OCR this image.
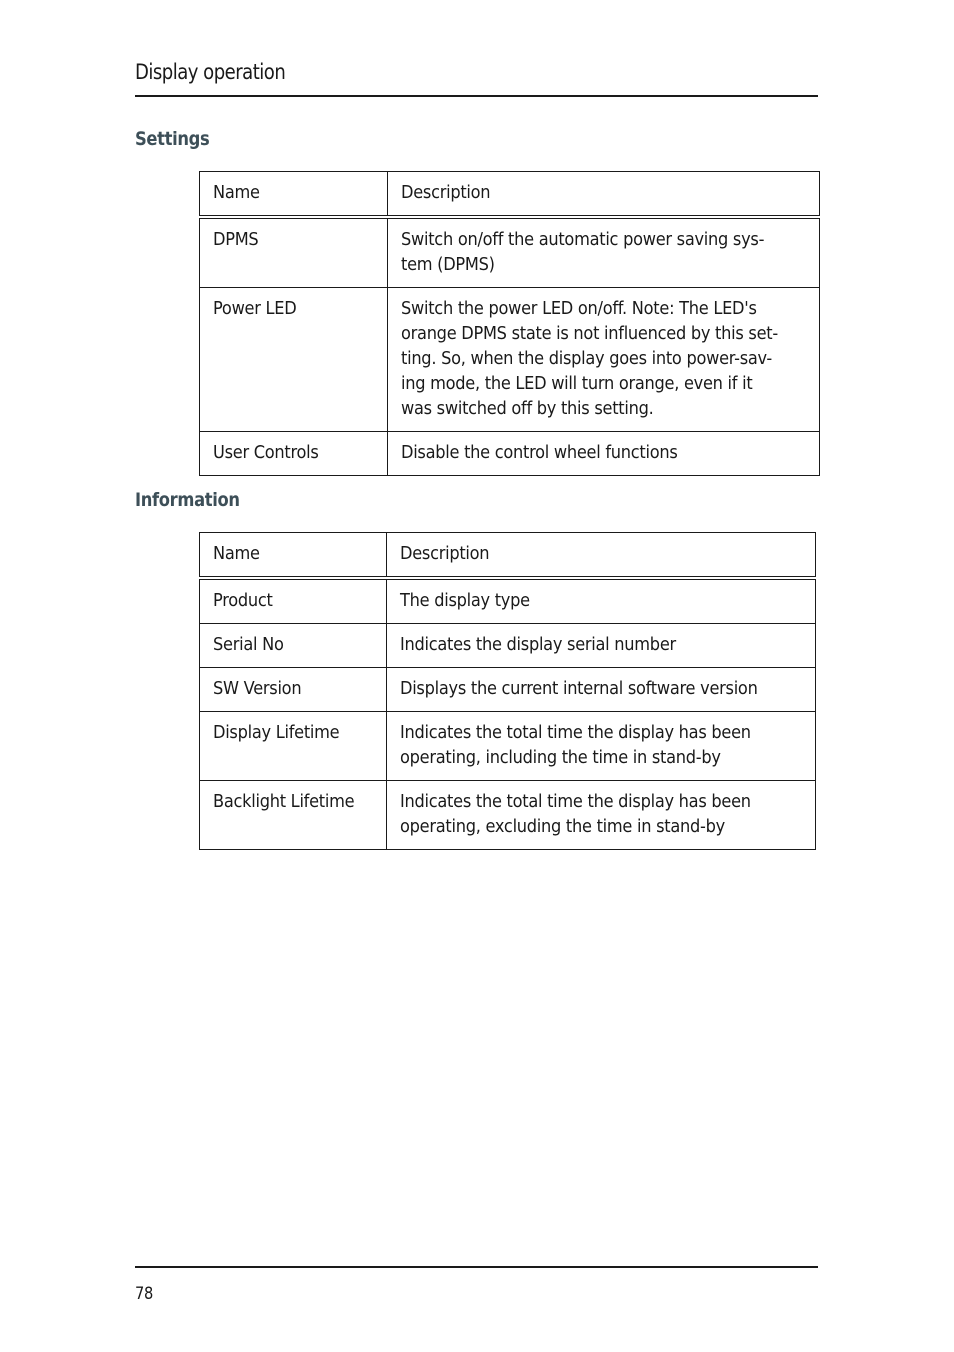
Display operation
Settings
Name	Description
DPMS	Switch on/off the automatic power saving sys-
tem (DPMS)
Power LED	Switch the power LED on/off. Note: The LED's
orange DPMS state is not influenced by this set-
ting. So, when the display goes into power-sav-
ing mode, the LED will turn orange, even if it
was switched off by this setting.
User Controls	Disable the control wheel functions
Information
Name	Description
Product	The display type
Serial No	Indicates the display serial number
SW Version	Displays the current internal software version
Display Lifetime	Indicates the total time the display has been
operating, including the time in stand-by
Backlight Lifetime	Indicates the total time the display has been
operating, excluding the time in stand-by
78
